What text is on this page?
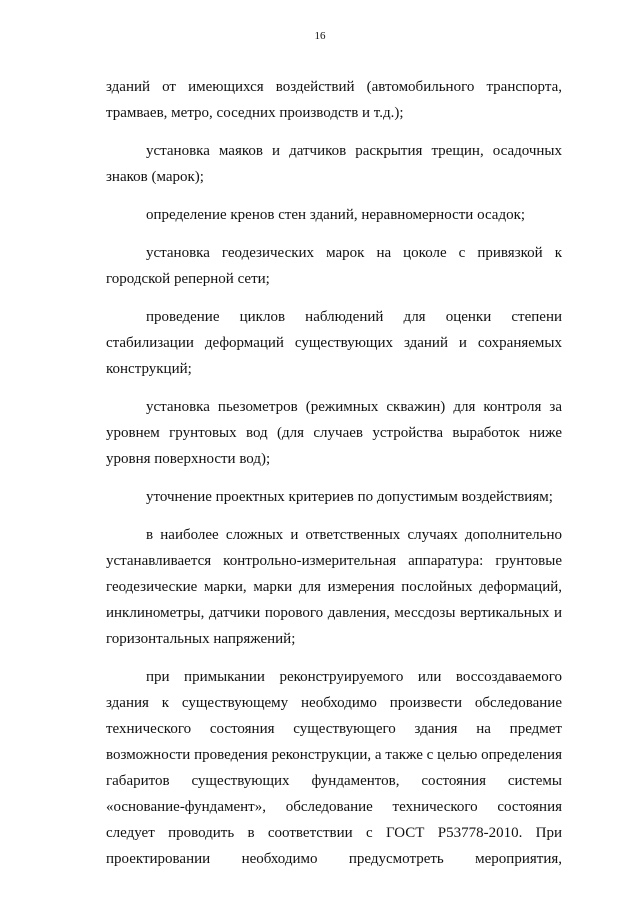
16

зданий от имеющихся воздействий (автомобильного транспорта, трамваев, метро, соседних производств и т.д.);

установка маяков и датчиков раскрытия трещин, осадочных знаков (марок);

определение кренов стен зданий, неравномерности осадок;

установка геодезических марок на цоколе с привязкой к городской реперной сети;

проведение циклов наблюдений для оценки степени стабилизации деформаций существующих зданий и сохраняемых конструкций;

установка пьезометров (режимных скважин) для контроля за уровнем грунтовых вод (для случаев устройства выработок ниже уровня поверхности вод);

уточнение проектных критериев по допустимым воздействиям;

в наиболее сложных и ответственных случаях дополнительно устанавливается контрольно-измерительная аппаратура: грунтовые геодезические марки, марки для измерения послойных деформаций, инклинометры, датчики порового давления, мессдозы вертикальных и горизонтальных напряжений;

при примыкании реконструируемого или воссоздаваемого здания к существующему необходимо произвести обследование технического состояния существующего здания на предмет возможности проведения реконструкции, а также с целью определения габаритов существующих фундаментов, состояния системы «основание-фундамент», обследование технического состояния следует проводить в соответствии с ГОСТ Р53778-2010. При проектировании необходимо предусмотреть мероприятия,
